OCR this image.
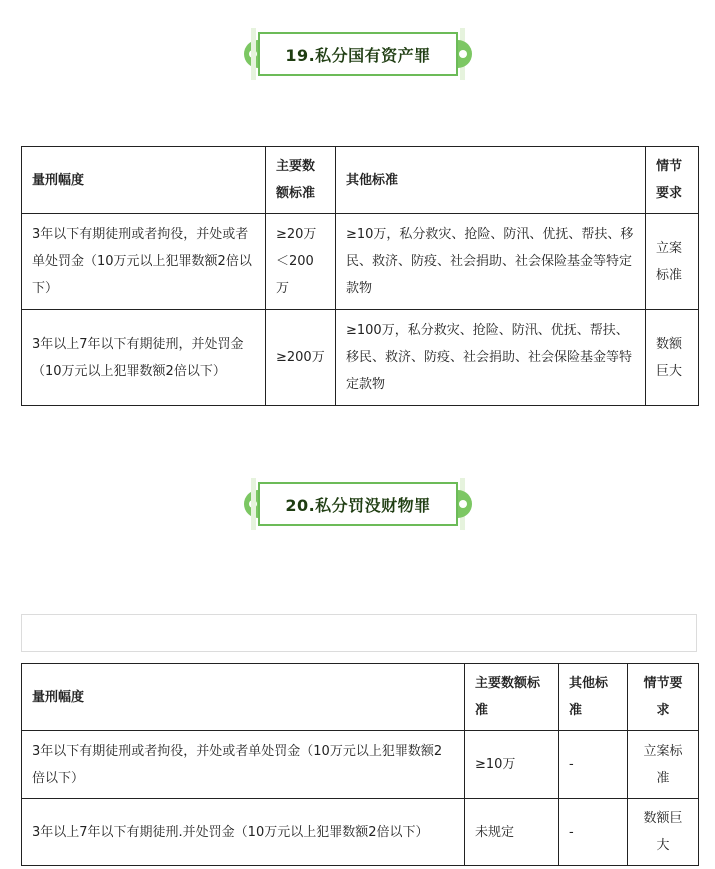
19.私分国有资产罪
量刑幅度	主要数额标准	其他标准	情节要求
3年以下有期徒刑或者拘役，并处或者单处罚金（10万元以上犯罪数额2倍以下）	≥20万＜200万	≥10万，私分救灾、抢险、防汛、优抚、帮扶、移民、救济、防疫、社会捐助、社会保险基金等特定款物	立案标准
3年以上7年以下有期徒刑，并处罚金（10万元以上犯罪数额2倍以下）	≥200万	≥100万，私分救灾、抢险、防汛、优抚、帮扶、移民、救济、防疫、社会捐助、社会保险基金等特定款物	数额巨大
20.私分罚没财物罪
量刑幅度	主要数额标准	其他标准	情节要求
3年以下有期徒刑或者拘役，并处或者单处罚金（10万元以上犯罪数额2倍以下）	≥10万	-	立案标准
3年以上7年以下有期徒刑.并处罚金（10万元以上犯罪数额2倍以下）	未规定	-	数额巨大
